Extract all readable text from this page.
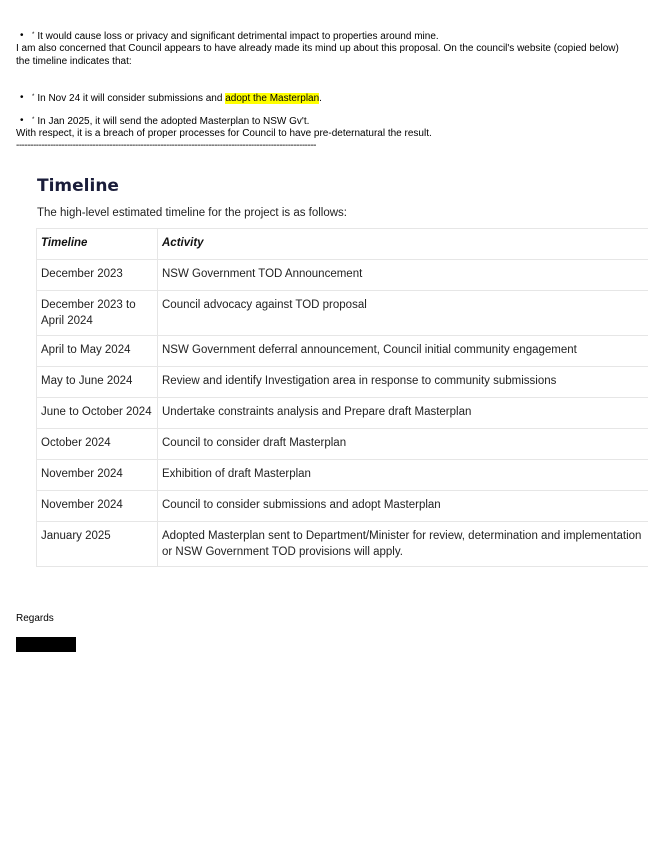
• * It would cause loss or privacy and significant detrimental impact to properties around mine.
I am also concerned that Council appears to have already made its mind up about this proposal. On the council's website (copied below)
the timeline indicates that:
• * In Nov 24 it will consider submissions and adopt the Masterplan.
• * In Jan 2025, it will send the adopted Masterplan to NSW Gv't.
With respect, it is a breach of proper processes for Council to have pre-deternatural the result.
----------------------------------------------------------------------------------------------------------
Timeline
The high-level estimated timeline for the project is as follows:
Timeline	Activity
December 2023	NSW Government TOD Announcement
December 2023 to April 2024	Council advocacy against TOD proposal
April to May 2024	NSW Government deferral announcement, Council initial community engagement
May to June 2024	Review and identify Investigation area in response to community submissions
June to October 2024	Undertake constraints analysis and Prepare draft Masterplan
October 2024	Council to consider draft Masterplan
November 2024	Exhibition of draft Masterplan
November 2024	Council to consider submissions and adopt Masterplan
January 2025	Adopted Masterplan sent to Department/Minister for review, determination and implementation or NSW Government TOD provisions will apply.
Regards
